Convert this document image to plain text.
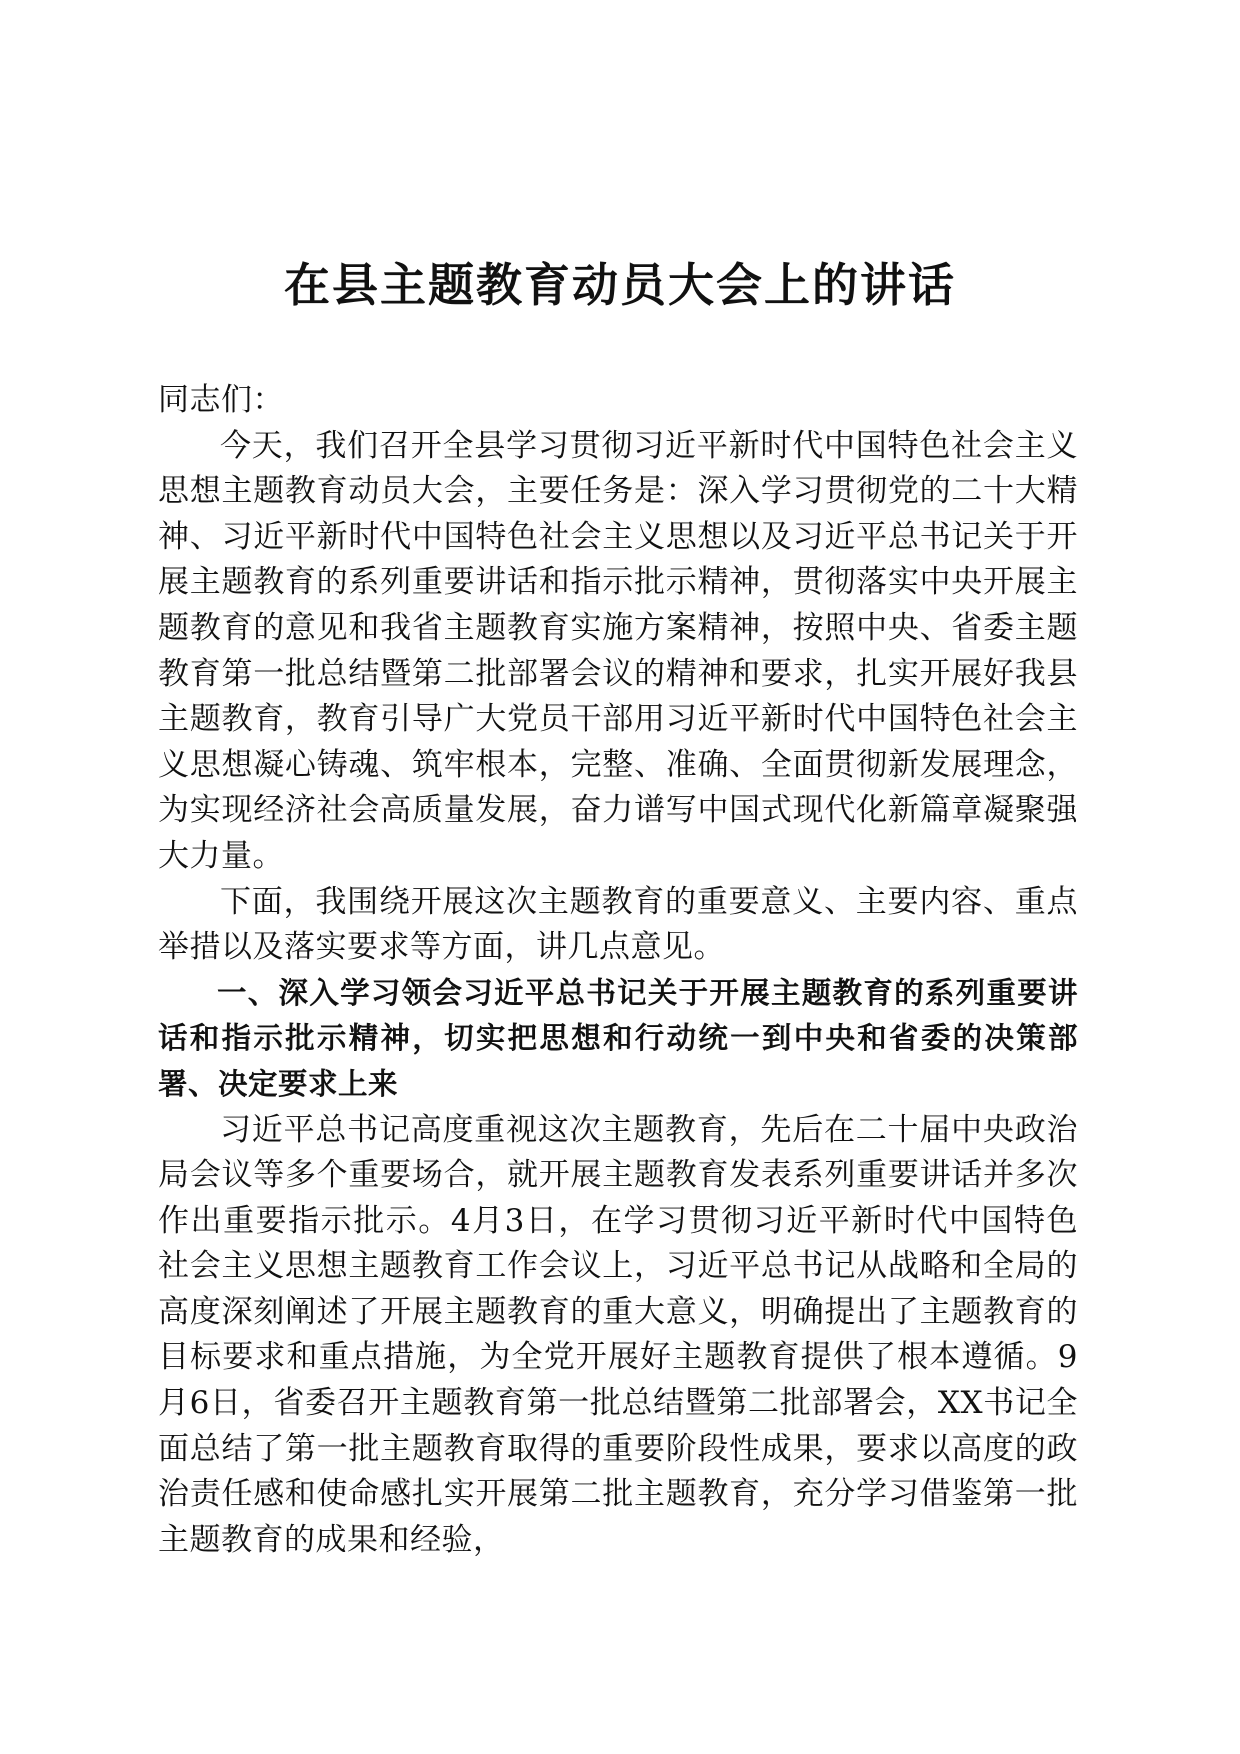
在县主题教育动员大会上的讲话

同志们：

今天，我们召开全县学习贯彻习近平新时代中国特色社会主义思想主题教育动员大会，主要任务是：深入学习贯彻党的二十大精神、习近平新时代中国特色社会主义思想以及习近平总书记关于开展主题教育的系列重要讲话和指示批示精神，贯彻落实中央开展主题教育的意见和我省主题教育实施方案精神，按照中央、省委主题教育第一批总结暨第二批部署会议的精神和要求，扎实开展好我县主题教育，教育引导广大党员干部用习近平新时代中国特色社会主义思想凝心铸魂、筑牢根本，完整、准确、全面贯彻新发展理念，为实现经济社会高质量发展，奋力谱写中国式现代化新篇章凝聚强大力量。

下面，我围绕开展这次主题教育的重要意义、主要内容、重点举措以及落实要求等方面，讲几点意见。

一、深入学习领会习近平总书记关于开展主题教育的系列重要讲话和指示批示精神，切实把思想和行动统一到中央和省委的决策部署、决定要求上来

习近平总书记高度重视这次主题教育，先后在二十届中央政治局会议等多个重要场合，就开展主题教育发表系列重要讲话并多次作出重要指示批示。4月3日，在学习贯彻习近平新时代中国特色社会主义思想主题教育工作会议上，习近平总书记从战略和全局的高度深刻阐述了开展主题教育的重大意义，明确提出了主题教育的目标要求和重点措施，为全党开展好主题教育提供了根本遵循。9月6日，省委召开主题教育第一批总结暨第二批部署会，XX书记全面总结了第一批主题教育取得的重要阶段性成果，要求以高度的政治责任感和使命感扎实开展第二批主题教育，充分学习借鉴第一批主题教育的成果和经验，
